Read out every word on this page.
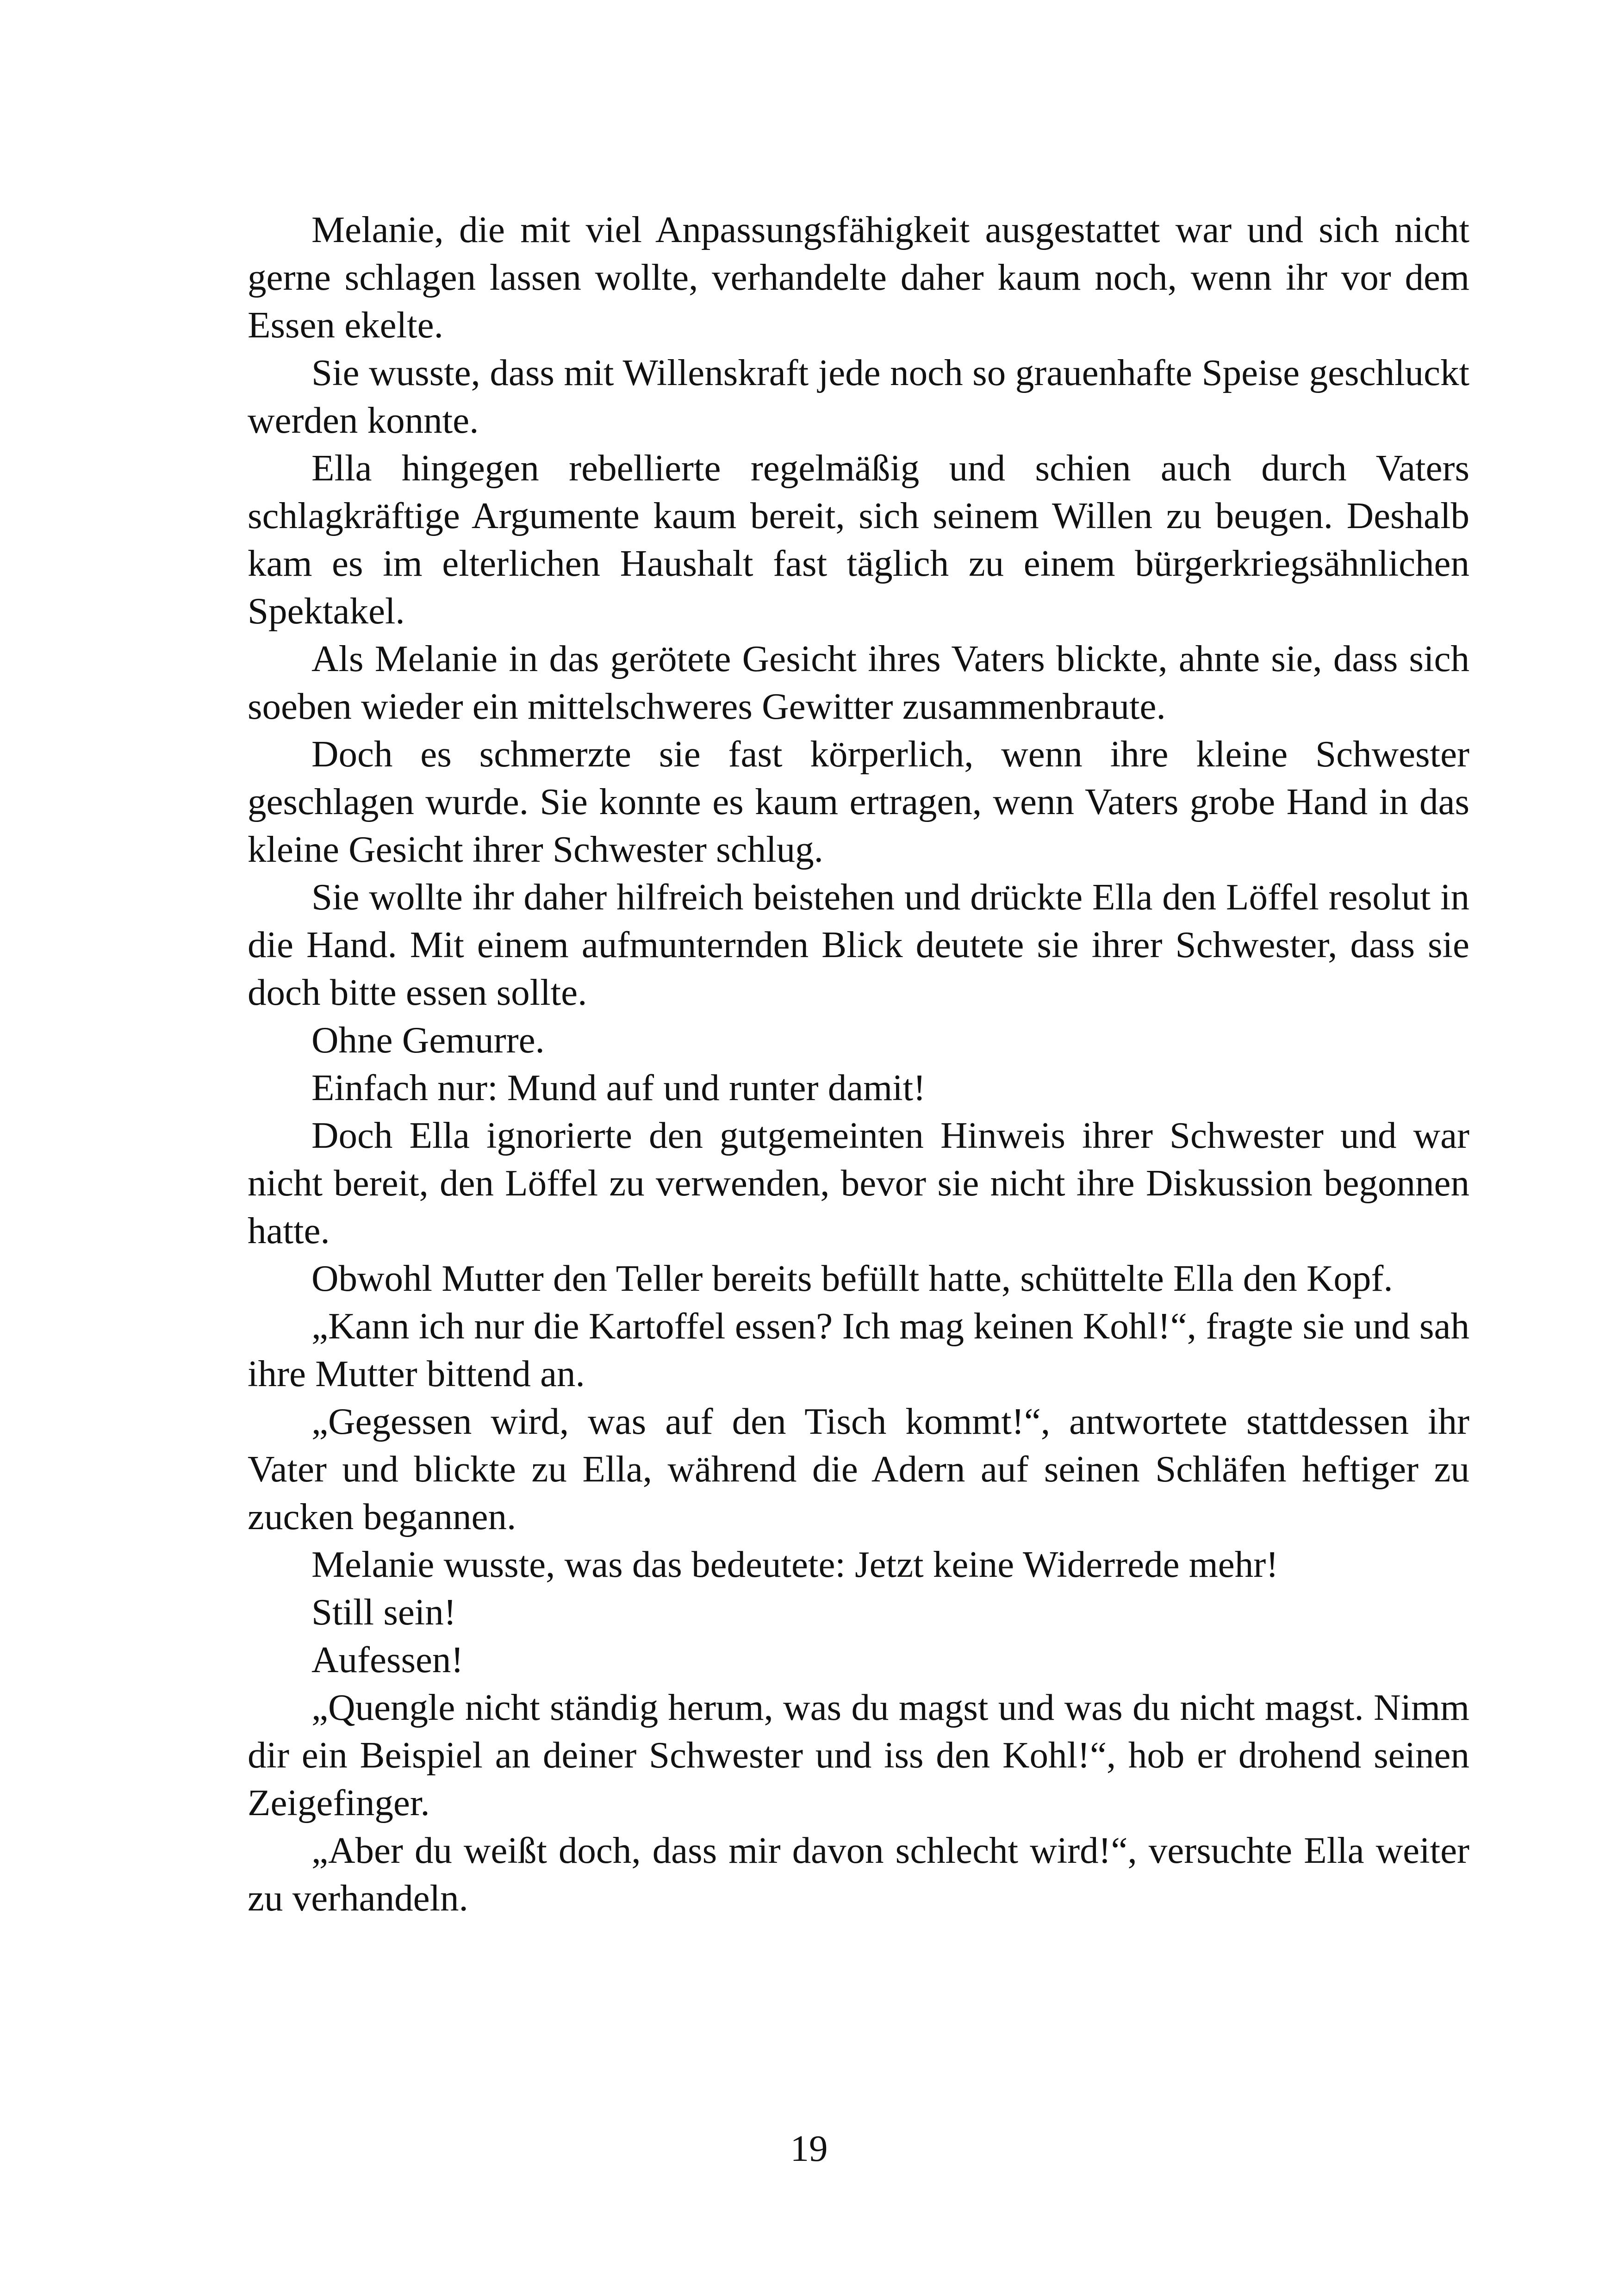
Melanie, die mit viel Anpassungsfähigkeit ausgestattet war und sich nicht gerne schlagen lassen wollte, verhandelte daher kaum noch, wenn ihr vor dem Essen ekelte.

Sie wusste, dass mit Willenskraft jede noch so grauenhafte Speise geschluckt werden konnte.

Ella hingegen rebellierte regelmäßig und schien auch durch Vaters schlagkräftige Argumente kaum bereit, sich seinem Willen zu beugen. Deshalb kam es im elterlichen Haushalt fast täglich zu einem bürgerkriegsähnlichen Spektakel.

Als Melanie in das gerötete Gesicht ihres Vaters blickte, ahnte sie, dass sich soeben wieder ein mittelschweres Gewitter zusammenbraute.

Doch es schmerzte sie fast körperlich, wenn ihre kleine Schwester geschlagen wurde. Sie konnte es kaum ertragen, wenn Vaters grobe Hand in das kleine Gesicht ihrer Schwester schlug.

Sie wollte ihr daher hilfreich beistehen und drückte Ella den Löffel resolut in die Hand. Mit einem aufmunternden Blick deutete sie ihrer Schwester, dass sie doch bitte essen sollte.

Ohne Gemurre.

Einfach nur: Mund auf und runter damit!

Doch Ella ignorierte den gutgemeinten Hinweis ihrer Schwester und war nicht bereit, den Löffel zu verwenden, bevor sie nicht ihre Diskussion begonnen hatte.

Obwohl Mutter den Teller bereits befüllt hatte, schüttelte Ella den Kopf.

„Kann ich nur die Kartoffel essen? Ich mag keinen Kohl!“, fragte sie und sah ihre Mutter bittend an.

„Gegessen wird, was auf den Tisch kommt!“, antwortete stattdessen ihr Vater und blickte zu Ella, während die Adern auf seinen Schläfen heftiger zu zucken begannen.

Melanie wusste, was das bedeutete: Jetzt keine Widerrede mehr!

Still sein!

Aufessen!

„Quengle nicht ständig herum, was du magst und was du nicht magst. Nimm dir ein Beispiel an deiner Schwester und iss den Kohl!“, hob er drohend seinen Zeigefinger.

„Aber du weißt doch, dass mir davon schlecht wird!“, versuchte Ella weiter zu verhandeln.

19
